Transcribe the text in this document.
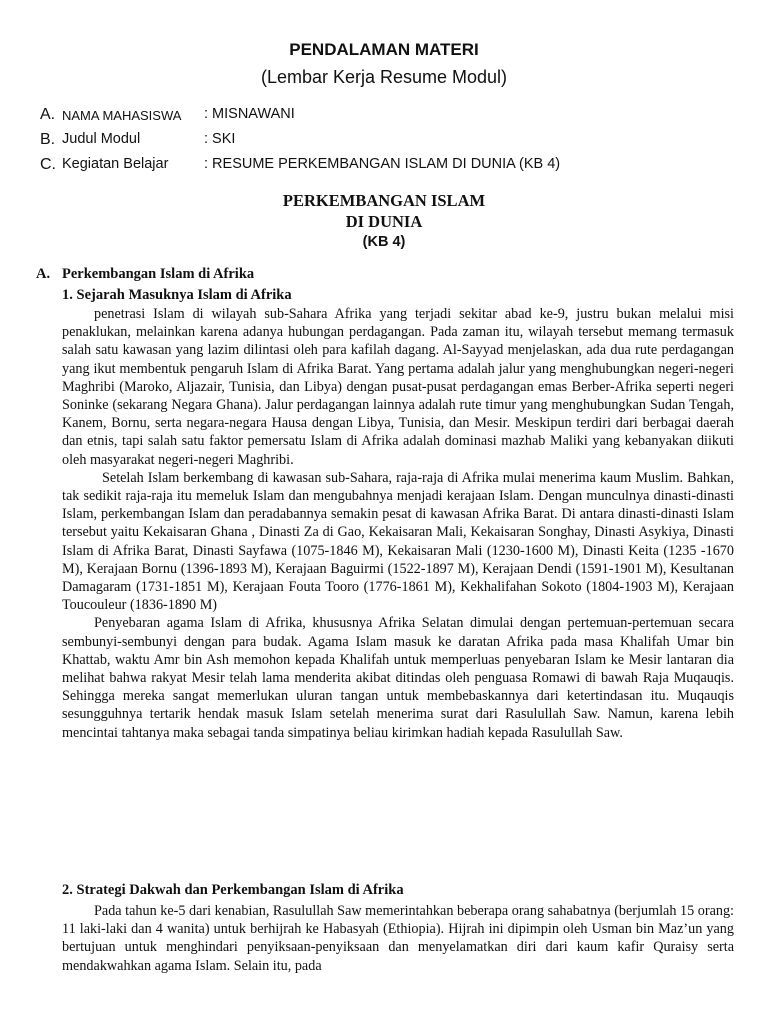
PENDALAMAN MATERI
(Lembar Kerja Resume Modul)
A. NAMA MAHASISWA : MISNAWANI
B. Judul Modul	: SKI
C. Kegiatan Belajar : RESUME PERKEMBANGAN ISLAM DI DUNIA (KB 4)
PERKEMBANGAN ISLAM
DI DUNIA
(KB 4)
A. Perkembangan Islam di Afrika
1. Sejarah Masuknya Islam di Afrika

penetrasi Islam di wilayah sub-Sahara Afrika yang terjadi sekitar abad ke-9, justru bukan melalui misi penaklukan, melainkan karena adanya hubungan perdagangan. Pada zaman itu, wilayah tersebut memang termasuk salah satu kawasan yang lazim dilintasi oleh para kafilah dagang. Al-Sayyad menjelaskan, ada dua rute perdagangan yang ikut membentuk pengaruh Islam di Afrika Barat. Yang pertama adalah jalur yang menghubungkan negeri-negeri Maghribi (Maroko, Aljazair, Tunisia, dan Libya) dengan pusat-pusat perdagangan emas Berber-Afrika seperti negeri Soninke (sekarang Negara Ghana). Jalur perdagangan lainnya adalah rute timur yang menghubungkan Sudan Tengah, Kanem, Bornu, serta negara-negara Hausa dengan Libya, Tunisia, dan Mesir. Meskipun terdiri dari berbagai daerah dan etnis, tapi salah satu faktor pemersatu Islam di Afrika adalah dominasi mazhab Maliki yang kebanyakan diikuti oleh masyarakat negeri-negeri Maghribi.

Setelah Islam berkembang di kawasan sub-Sahara, raja-raja di Afrika mulai menerima kaum Muslim. Bahkan, tak sedikit raja-raja itu memeluk Islam dan mengubahnya menjadi kerajaan Islam. Dengan munculnya dinasti-dinasti Islam, perkembangan Islam dan peradabannya semakin pesat di kawasan Afrika Barat. Di antara dinasti-dinasti Islam tersebut yaitu Kekaisaran Ghana , Dinasti Za di Gao, Kekaisaran Mali, Kekaisaran Songhay, Dinasti Asykiya, Dinasti Islam di Afrika Barat, Dinasti Sayfawa (1075-1846 M), Kekaisaran Mali (1230-1600 M), Dinasti Keita (1235 -1670 M), Kerajaan Bornu (1396-1893 M), Kerajaan Baguirmi (1522-1897 M), Kerajaan Dendi (1591-1901 M), Kesultanan Damagaram (1731-1851 M), Kerajaan Fouta Tooro (1776-1861 M), Kekhalifahan Sokoto (1804-1903 M), Kerajaan Toucouleur (1836-1890 M)

Penyebaran agama Islam di Afrika, khususnya Afrika Selatan dimulai dengan pertemuan-pertemuan secara sembunyi-sembunyi dengan para budak. Agama Islam masuk ke daratan Afrika pada masa Khalifah Umar bin Khattab, waktu Amr bin Ash memohon kepada Khalifah untuk memperluas penyebaran Islam ke Mesir lantaran dia melihat bahwa rakyat Mesir telah lama menderita akibat ditindas oleh penguasa Romawi di bawah Raja Muqauqis. Sehingga mereka sangat memerlukan uluran tangan untuk membebaskannya dari ketertindasan itu. Muqauqis sesungguhnya tertarik hendak masuk Islam setelah menerima surat dari Rasulullah Saw. Namun, karena lebih mencintai tahtanya maka sebagai tanda simpatinya beliau kirimkan hadiah kepada Rasulullah Saw.

2. Strategi Dakwah dan Perkembangan Islam di Afrika

Pada tahun ke-5 dari kenabian, Rasulullah Saw memerintahkan beberapa orang sahabatnya (berjumlah 15 orang: 11 laki-laki dan 4 wanita) untuk berhijrah ke Habasyah (Ethiopia). Hijrah ini dipimpin oleh Usman bin Maz’un yang bertujuan untuk menghindari penyiksaan-penyiksaan dan menyelamatkan diri dari kaum kafir Quraisy serta mendakwahkan agama Islam. Selain itu, pada
